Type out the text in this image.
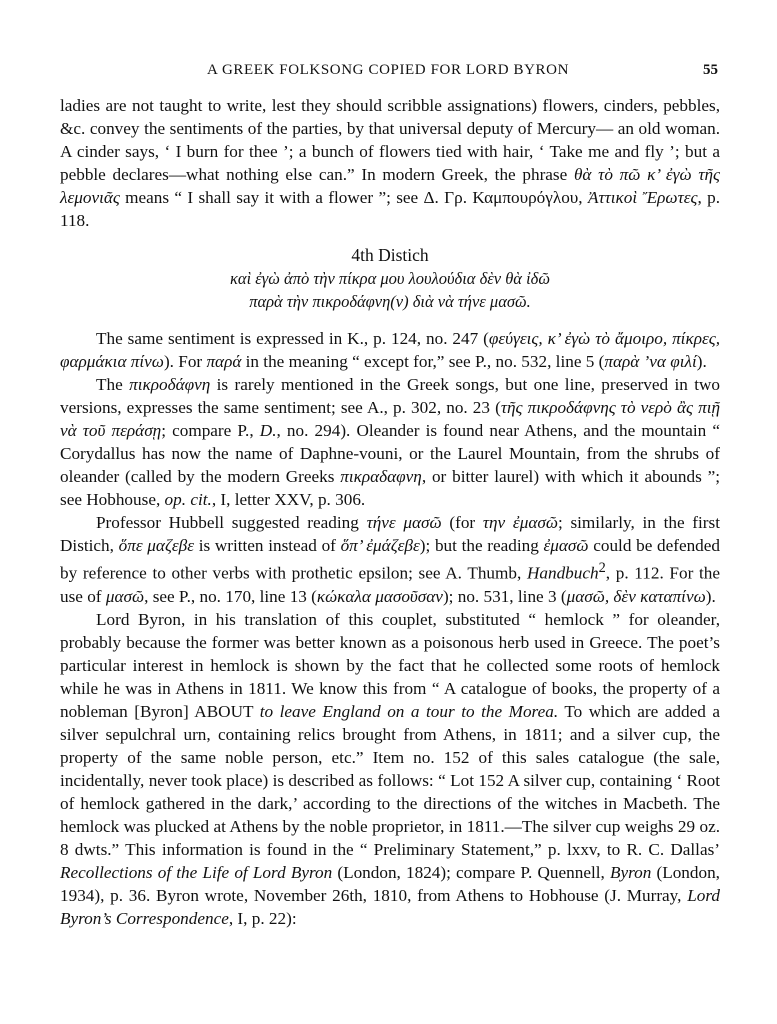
A GREEK FOLKSONG COPIED FOR LORD BYRON	55

ladies are not taught to write, lest they should scribble assignations) flowers, cinders, pebbles, &c. convey the sentiments of the parties, by that universal deputy of Mercury— an old woman. A cinder says, ‘ I burn for thee ’; a bunch of flowers tied with hair, ‘ Take me and fly ’; but a pebble declares—what nothing else can.” In modern Greek, the phrase θὰ τὸ πῶ κ’ ἐγὼ τῆς λεμονιᾶς means “ I shall say it with a flower ”; see Δ. Γρ. Καμπουρόγλου, Ἀττικοὶ Ἔρωτες, p. 118.

4th Distich

καὶ ἐγὼ ἀπὸ τὴν πίκρα μου λουλούδια δὲν θὰ ἰδῶ

παρὰ τὴν πικροδάφνη(ν) διὰ νὰ τήνε μασῶ.

The same sentiment is expressed in K., p. 124, no. 247 (φεύγεις, κ’ ἐγὼ τὸ ἄμοιρο, πίκρες, φαρμάκια πίνω). For παρά in the meaning “ except for,” see P., no. 532, line 5 (παρὰ ’να φιλί).

The πικροδάφνη is rarely mentioned in the Greek songs, but one line, preserved in two versions, expresses the same sentiment; see A., p. 302, no. 23 (τῆς πικροδάφνης τὸ νερὸ ἂς πιῇ νὰ τοῦ περάσῃ; compare P., D., no. 294). Oleander is found near Athens, and the mountain “ Corydallus has now the name of Daphne-vouni, or the Laurel Mountain, from the shrubs of oleander (called by the modern Greeks πικραδαφνη, or bitter laurel) with which it abounds ”; see Hobhouse, op. cit., I, letter XXV, p. 306.

Professor Hubbell suggested reading τήνε μασῶ (for την ἐμασῶ; similarly, in the first Distich, ὅπε μαζεβε is written instead of ὅπ’ ἐμάζεβε); but the reading ἐμασῶ could be defended by reference to other verbs with prothetic epsilon; see A. Thumb, Handbuch$^2$, p. 112. For the use of μασῶ, see P., no. 170, line 13 (κώκαλα μασοῦσαν); no. 531, line 3 (μασῶ, δὲν καταπίνω).

Lord Byron, in his translation of this couplet, substituted “ hemlock ” for oleander, probably because the former was better known as a poisonous herb used in Greece. The poet’s particular interest in hemlock is shown by the fact that he collected some roots of hemlock while he was in Athens in 1811. We know this from “ A catalogue of books, the property of a nobleman [Byron] ABOUT to leave England on a tour to the Morea. To which are added a silver sepulchral urn, containing relics brought from Athens, in 1811; and a silver cup, the property of the same noble person, etc.” Item no. 152 of this sales catalogue (the sale, incidentally, never took place) is described as follows: “ Lot 152 A silver cup, containing ‘ Root of hemlock gathered in the dark,’ according to the directions of the witches in Macbeth. The hemlock was plucked at Athens by the noble proprietor, in 1811.—The silver cup weighs 29 oz. 8 dwts.” This information is found in the “ Preliminary Statement,” p. lxxv, to R. C. Dallas’ Recollections of the Life of Lord Byron (London, 1824); compare P. Quennell, Byron (London, 1934), p. 36. Byron wrote, November 26th, 1810, from Athens to Hobhouse (J. Murray, Lord Byron’s Correspondence, I, p. 22):
